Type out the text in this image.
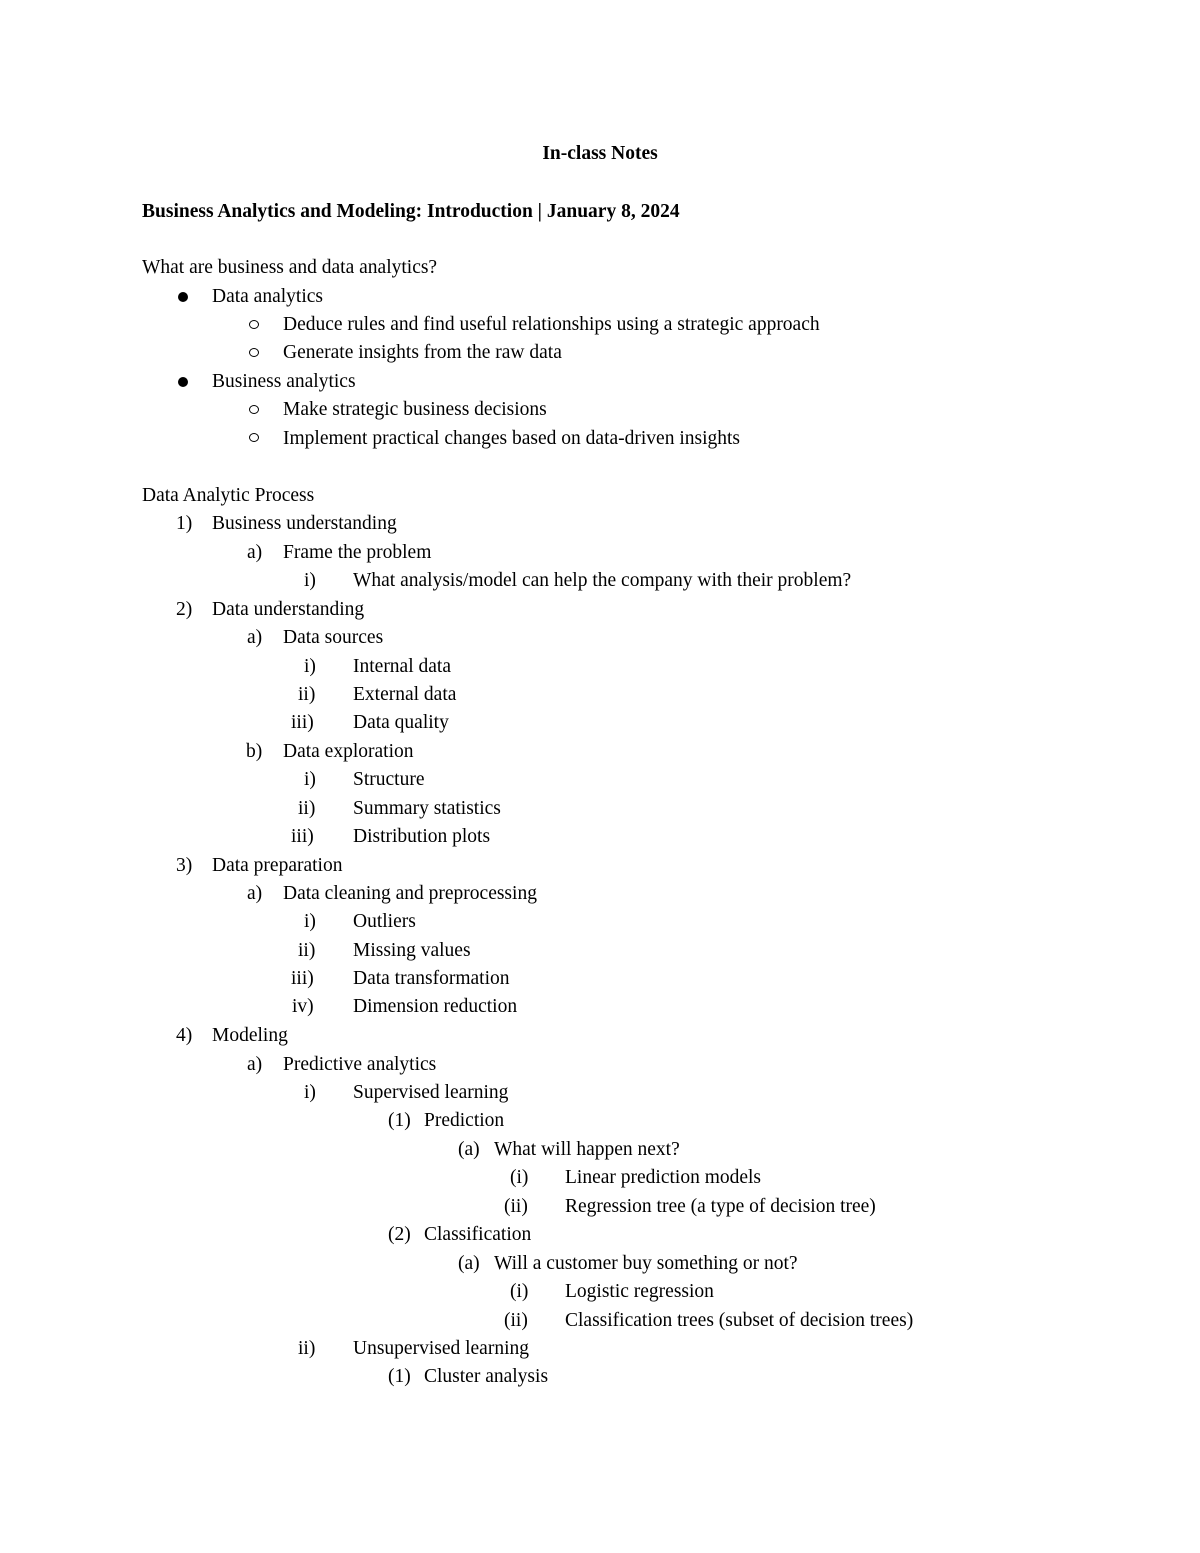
In-class Notes
Business Analytics and Modeling: Introduction | January 8, 2024
What are business and data analytics?
Data analytics
Deduce rules and find useful relationships using a strategic approach
Generate insights from the raw data
Business analytics
Make strategic business decisions
Implement practical changes based on data-driven insights
Data Analytic Process
1) Business understanding
a) Frame the problem
i) What analysis/model can help the company with their problem?
2) Data understanding
a) Data sources
i) Internal data
ii) External data
iii) Data quality
b) Data exploration
i) Structure
ii) Summary statistics
iii) Distribution plots
3) Data preparation
a) Data cleaning and preprocessing
i) Outliers
ii) Missing values
iii) Data transformation
iv) Dimension reduction
4) Modeling
a) Predictive analytics
i) Supervised learning
(1) Prediction
(a) What will happen next?
(i) Linear prediction models
(ii) Regression tree (a type of decision tree)
(2) Classification
(a) Will a customer buy something or not?
(i) Logistic regression
(ii) Classification trees (subset of decision trees)
ii) Unsupervised learning
(1) Cluster analysis
